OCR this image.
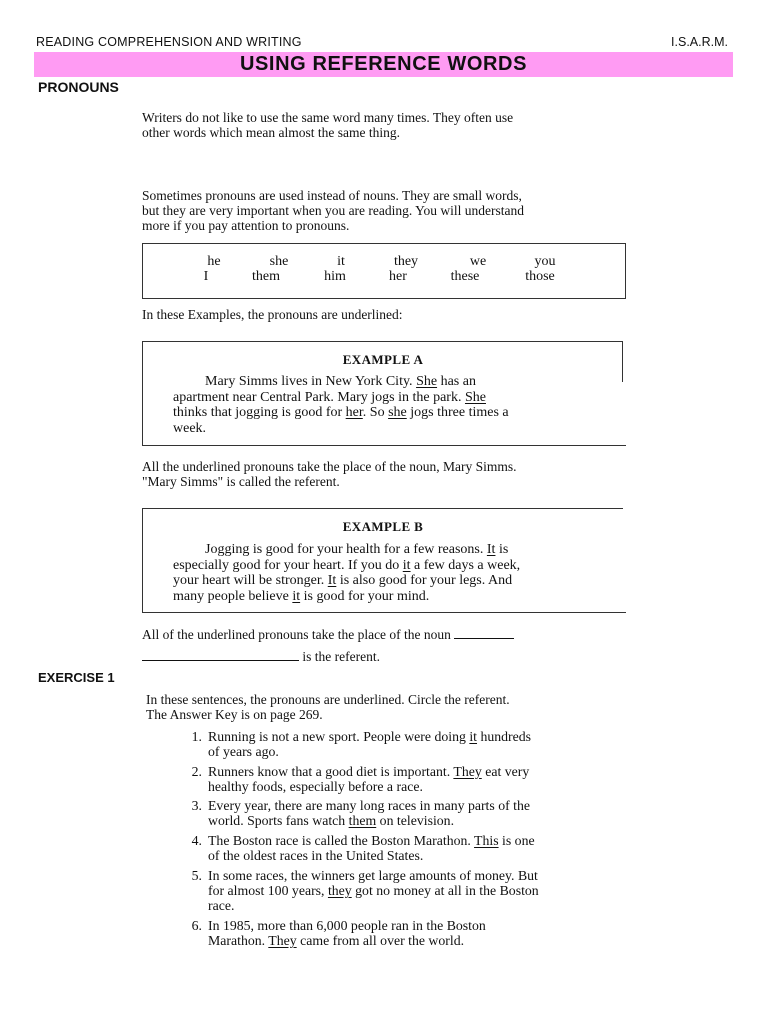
READING COMPREHENSION AND WRITING	I.S.A.R.M.
USING REFERENCE WORDS
PRONOUNS
Writers do not like to use the same word many times. They often use
other words which mean almost the same thing.
Sometimes pronouns are used instead of nouns. They are small words,
but they are very important when you are reading. You will understand
more if you pay attention to pronouns.
he	she	it	they	we	you
I	them	him	her	these	those
In these Examples, the pronouns are underlined:
EXAMPLE A
Mary Simms lives in New York City. She has an
apartment near Central Park. Mary jogs in the park. She
thinks that jogging is good for her. So she jogs three times a
week.
All the underlined pronouns take the place of the noun, Mary Simms.
"Mary Simms" is called the referent.
EXAMPLE B
Jogging is good for your health for a few reasons. It is
especially good for your heart. If you do it a few days a week,
your heart will be stronger. It is also good for your legs. And
many people believe it is good for your mind.
All of the underlined pronouns take the place of the noun
is the referent.
EXERCISE 1
In these sentences, the pronouns are underlined. Circle the referent.
The Answer Key is on page 269.
1. Running is not a new sport. People were doing it hundreds
of years ago.
2. Runners know that a good diet is important. They eat very
healthy foods, especially before a race.
3. Every year, there are many long races in many parts of the
world. Sports fans watch them on television.
4. The Boston race is called the Boston Marathon. This is one
of the oldest races in the United States.
5. In some races, the winners get large amounts of money. But
for almost 100 years, they got no money at all in the Boston
race.
6. In 1985, more than 6,000 people ran in the Boston
Marathon. They came from all over the world.
